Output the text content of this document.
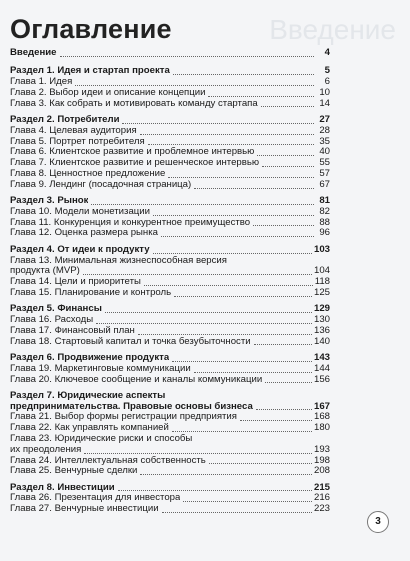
Введение
Оглавление
Введение	4
Раздел 1. Идея и стартап проекта	5
Глава 1. Идея	6
Глава 2. Выбор идеи и описание концепции	10
Глава 3. Как собрать и мотивировать команду стартапа	14
Раздел 2. Потребители	27
Глава 4. Целевая аудитория	28
Глава 5. Портрет потребителя	35
Глава 6. Клиентское развитие и проблемное интервью	40
Глава 7. Клиентское развитие и решенческое интервью	55
Глава 8. Ценностное предложение	57
Глава 9. Лендинг (посадочная страница)	67
Раздел 3. Рынок	81
Глава 10. Модели монетизации	82
Глава 11. Конкуренция и конкурентное преимущество	88
Глава 12. Оценка размера рынка	96
Раздел 4. От идеи к продукту	103
Глава 13. Минимальная жизнеспособная версия
продукта (MVP)	104
Глава 14. Цели и приоритеты	118
Глава 15. Планирование и контроль	125
Раздел 5. Финансы	129
Глава 16. Расходы	130
Глава 17. Финансовый план	136
Глава 18. Стартовый капитал и точка безубыточности	140
Раздел 6. Продвижение продукта	143
Глава 19. Маркетинговые коммуникации	144
Глава 20. Ключевое сообщение и каналы коммуникации	156
Раздел 7. Юридические аспекты
предпринимательства. Правовые основы бизнеса	167
Глава 21. Выбор формы регистрации предприятия	168
Глава 22. Как управлять компанией	180
Глава 23. Юридические риски и способы
их преодоления	193
Глава 24. Интеллектуальная собственность	198
Глава 25. Венчурные сделки	208
Раздел 8. Инвестиции	215
Глава 26. Презентация для инвестора	216
Глава 27. Венчурные инвестиции	223
3
